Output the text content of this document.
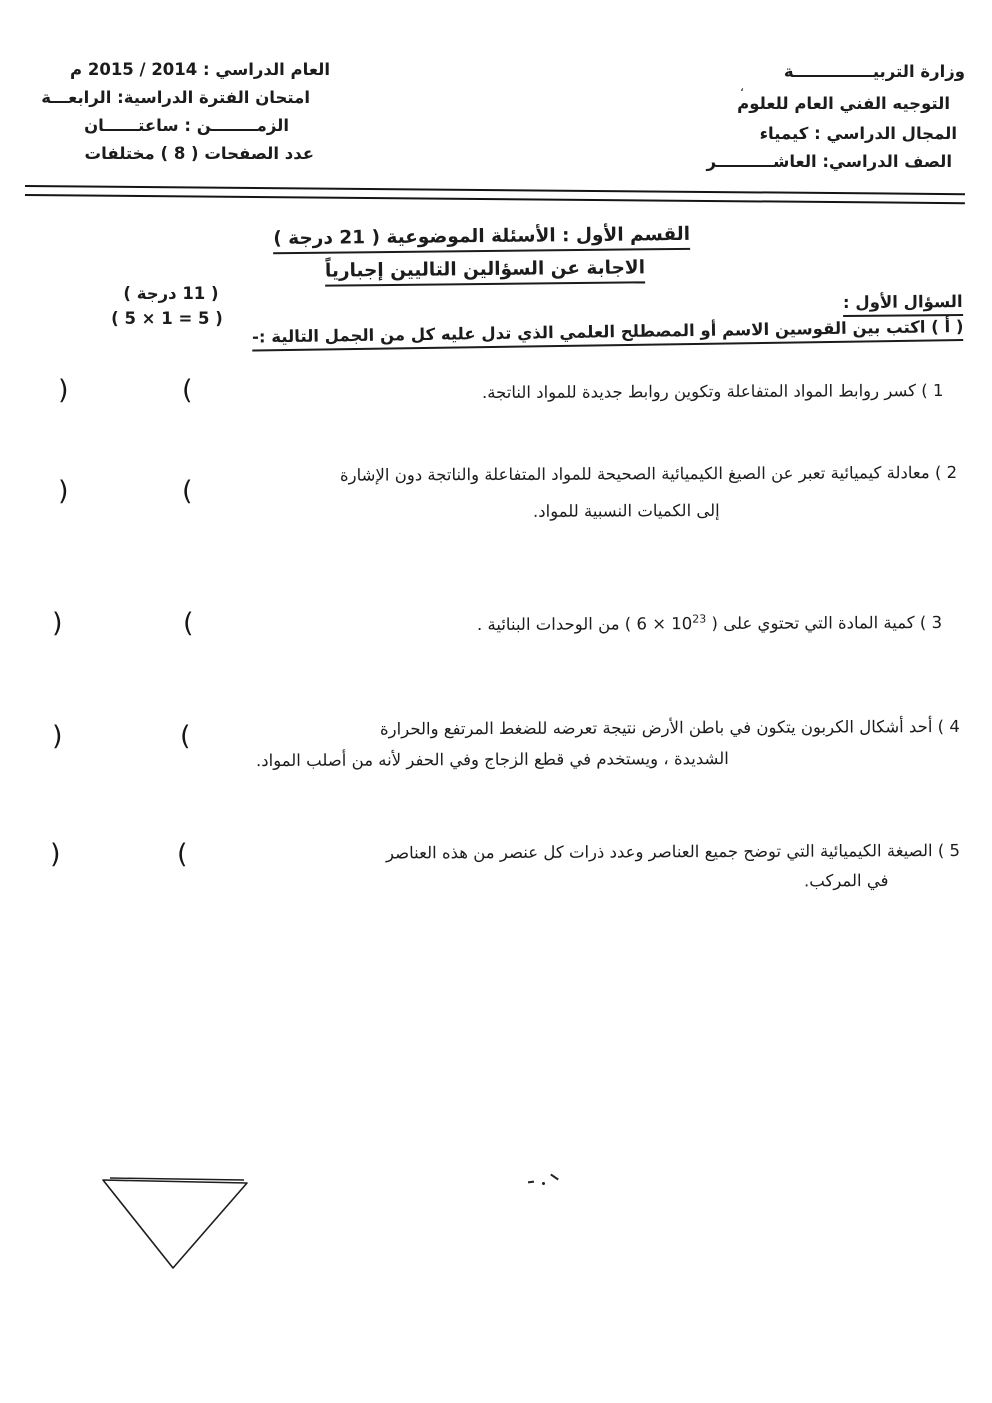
وزارة التربيــــــــــــــة
،
التوجيه الفني العام للعلوم
المجال الدراسي : كيمياء
الصف الدراسي: العاشــــــــــر
العام الدراسي : 2014 / 2015 م
امتحان الفترة الدراسية: الرابعـــة
الزمــــــــن : ساعتــــــان
عدد الصفحات ( 8 ) مختلفات
القسم الأول : الأسئلة الموضوعية ( 21 درجة )
الاجابة عن السؤالين التاليين إجبارياً
السؤال الأول :
( 11 درجة )
( 5 × 1 = 5 )	( أ ) اكتب بين القوسين الاسم أو المصطلح العلمي الذي تدل عليه كل من الجمل التالية :-
1 ) كسر روابط المواد المتفاعلة وتكوين روابط جديدة للمواد الناتجة.
(	)
2 ) معادلة كيميائية تعبر عن الصيغ الكيميائية الصحيحة للمواد المتفاعلة والناتجة دون الإشارة
إلى الكميات النسبية للمواد.
(	)
3 ) كمية المادة التي تحتوي على ( $6 \times 10^{23}$ ) من الوحدات البنائية .
(	)
4 ) أحد أشكال الكربون يتكون في باطن الأرض نتيجة تعرضه للضغط المرتفع والحرارة
الشديدة ، ويستخدم في قطع الزجاج وفي الحفر لأنه من أصلب المواد.
(	)
5 ) الصيغة الكيميائية التي توضح جميع العناصر وعدد ذرات كل عنصر من هذه العناصر
في المركب.
(	)
